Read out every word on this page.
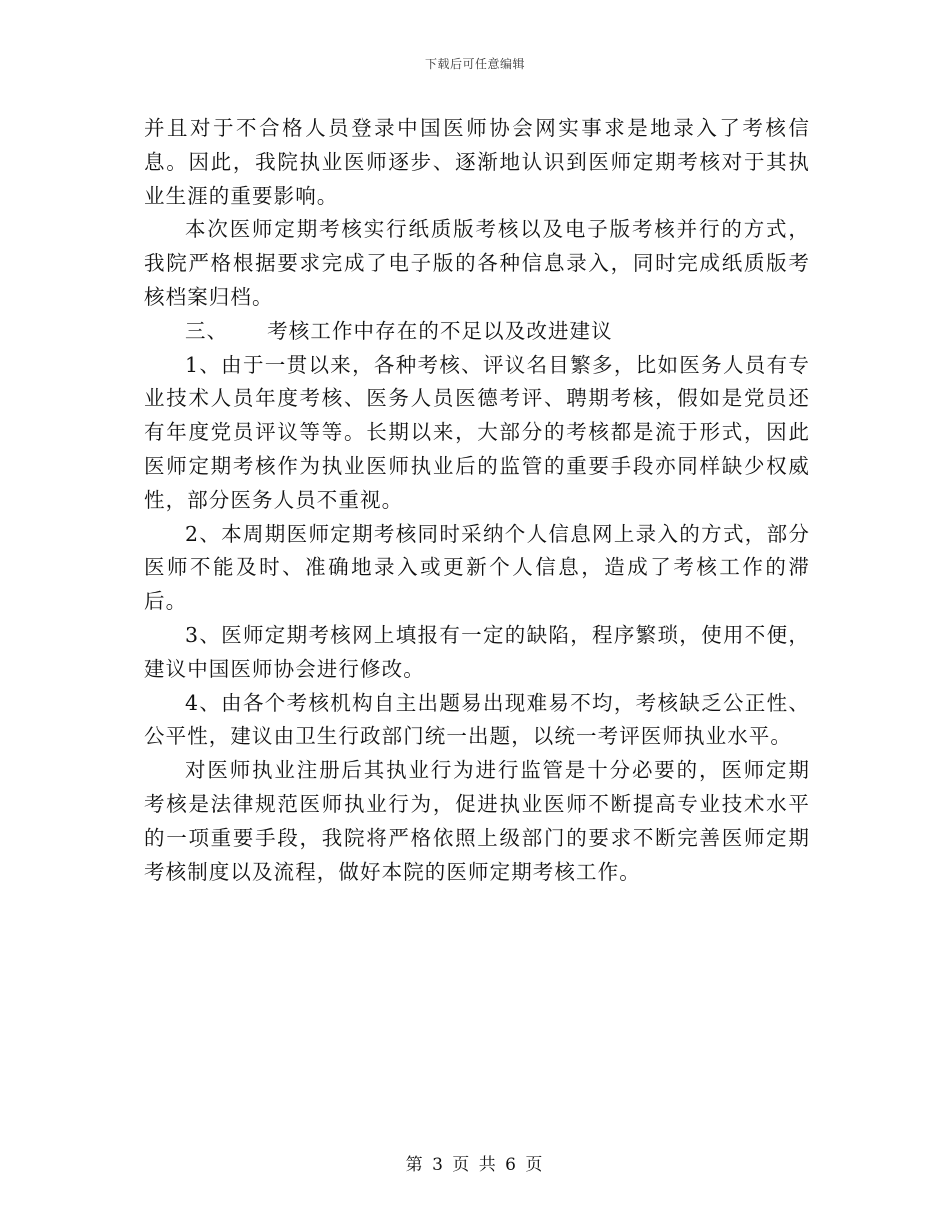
下载后可任意编辑

并且对于不合格人员登录中国医师协会网实事求是地录入了考核信息。因此，我院执业医师逐步、逐渐地认识到医师定期考核对于其执业生涯的重要影响。

本次医师定期考核实行纸质版考核以及电子版考核并行的方式，我院严格根据要求完成了电子版的各种信息录入，同时完成纸质版考核档案归档。

三、 考核工作中存在的不足以及改进建议

1、由于一贯以来，各种考核、评议名目繁多，比如医务人员有专业技术人员年度考核、医务人员医德考评、聘期考核，假如是党员还有年度党员评议等等。长期以来，大部分的考核都是流于形式，因此医师定期考核作为执业医师执业后的监管的重要手段亦同样缺少权威性，部分医务人员不重视。

2、本周期医师定期考核同时采纳个人信息网上录入的方式，部分医师不能及时、准确地录入或更新个人信息，造成了考核工作的滞后。

3、医师定期考核网上填报有一定的缺陷，程序繁琐，使用不便，建议中国医师协会进行修改。

4、由各个考核机构自主出题易出现难易不均，考核缺乏公正性、公平性，建议由卫生行政部门统一出题，以统一考评医师执业水平。

对医师执业注册后其执业行为进行监管是十分必要的，医师定期考核是法律规范医师执业行为，促进执业医师不断提高专业技术水平的一项重要手段，我院将严格依照上级部门的要求不断完善医师定期考核制度以及流程，做好本院的医师定期考核工作。

第 3 页 共 6 页
